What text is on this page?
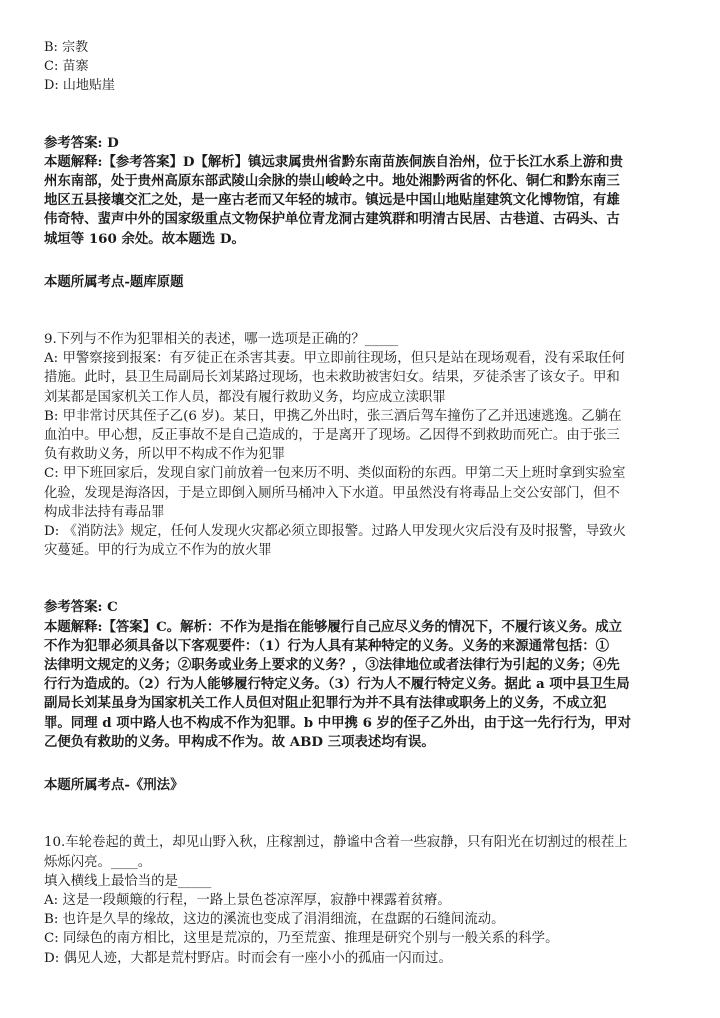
B: 宗教
C: 苗寨
D: 山地贴崖
参考答案: D
本题解释:【参考答案】D【解析】镇远隶属贵州省黔东南苗族侗族自治州，位于长江水系上游和贵
州东南部，处于贵州高原东部武陵山余脉的崇山峻岭之中。地处湘黔两省的怀化、铜仁和黔东南三
地区五县接壤交汇之处，是一座古老而又年轻的城市。镇远是中国山地贴崖建筑文化博物馆，有雄
伟奇特、蜚声中外的国家级重点文物保护单位青龙洞古建筑群和明清古民居、古巷道、古码头、古
城垣等 160 余处。故本题选 D。
本题所属考点-题库原题
9.下列与不作为犯罪相关的表述，哪一选项是正确的？_____
A: 甲警察接到报案：有歹徒正在杀害其妻。甲立即前往现场，但只是站在现场观看，没有采取任何
措施。此时，县卫生局副局长刘某路过现场，也未救助被害妇女。结果，歹徒杀害了该女子。甲和
刘某都是国家机关工作人员，都没有履行救助义务，均应成立渎职罪
B: 甲非常讨厌其侄子乙(6 岁)。某日，甲携乙外出时，张三酒后驾车撞伤了乙并迅速逃逸。乙躺在
血泊中。甲心想，反正事故不是自己造成的，于是离开了现场。乙因得不到救助而死亡。由于张三
负有救助义务，所以甲不构成不作为犯罪
C: 甲下班回家后，发现自家门前放着一包来历不明、类似面粉的东西。甲第二天上班时拿到实验室
化验，发现是海洛因，于是立即倒入厕所马桶冲入下水道。甲虽然没有将毒品上交公安部门，但不
构成非法持有毒品罪
D: 《消防法》规定，任何人发现火灾都必须立即报警。过路人甲发现火灾后没有及时报警，导致火
灾蔓延。甲的行为成立不作为的放火罪
参考答案: C
本题解释:【答案】C。解析：不作为是指在能够履行自己应尽义务的情况下，不履行该义务。成立
不作为犯罪必须具备以下客观要件：（1）行为人具有某种特定的义务。义务的来源通常包括：①
法律明文规定的义务；②职务或业务上要求的义务？，③法律地位或者法律行为引起的义务；④先
行行为造成的。（2）行为人能够履行特定义务。（3）行为人不履行特定义务。据此 a 项中县卫生局
副局长刘某虽身为国家机关工作人员但对阻止犯罪行为并不具有法律或职务上的义务，不成立犯
罪。同理 d 项中路人也不构成不作为犯罪。b 中甲携 6 岁的侄子乙外出，由于这一先行行为，甲对
乙便负有救助的义务。甲构成不作为。故 ABD 三项表述均有误。
本题所属考点-《刑法》
10.车轮卷起的黄土，却见山野入秋，庄稼割过，静谧中含着一些寂静，只有阳光在切割过的根茬上
烁烁闪亮。____。
填入横线上最恰当的是_____
A: 这是一段颠簸的行程，一路上景色苍凉浑厚，寂静中裸露着贫瘠。
B: 也许是久旱的缘故，这边的溪流也变成了涓涓细流，在盘踞的石缝间流动。
C: 同绿色的南方相比，这里是荒凉的，乃至荒蛮、推理是研究个别与一般关系的科学。
D: 偶见人迹，大都是荒村野店。时而会有一座小小的孤庙一闪而过。
